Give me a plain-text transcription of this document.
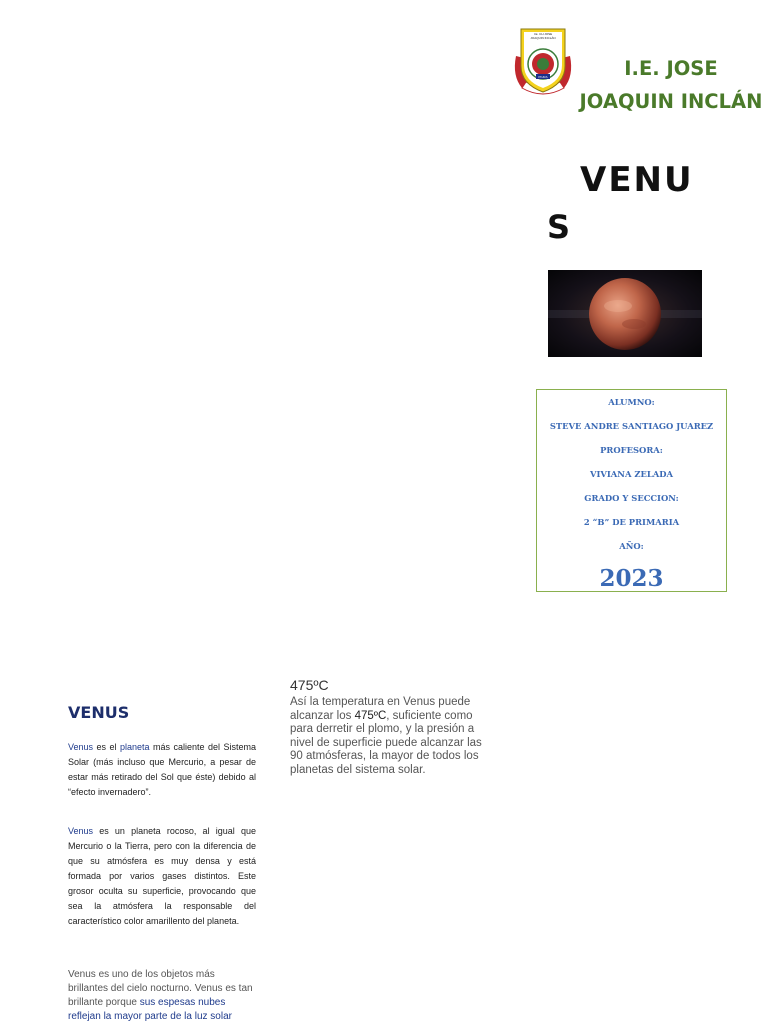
I.E. CH JOSE JOAQUIN INCLÁN
PIURA	I.E. JOSE JOAQUIN INCLÁN
VENU
S
ALUMNO:
STEVE ANDRE SANTIAGO JUAREZ
PROFESORA:
VIVIANA ZELADA
GRADO Y SECCION:
2 “B” DE PRIMARIA
AÑO:
2023
VENUS
Venus es el planeta más caliente del Sistema Solar (más incluso que Mercurio, a pesar de estar más retirado del Sol que éste) debido al “efecto invernadero”.
Venus es un planeta rocoso, al igual que Mercurio o la Tierra, pero con la diferencia de que su atmósfera es muy densa y está formada por varios gases distintos. Este grosor oculta su superficie, provocando que sea la atmósfera la responsable del característico color amarillento del planeta.
Venus es uno de los objetos más brillantes del cielo nocturno. Venus es tan brillante porque sus espesas nubes reflejan la mayor parte de la luz solar
475ºC
Así la temperatura en Venus puede alcanzar los 475ºC, suficiente como para derretir el plomo, y la presión a nivel de superficie puede alcanzar las 90 atmósferas, la mayor de todos los planetas del sistema solar.
